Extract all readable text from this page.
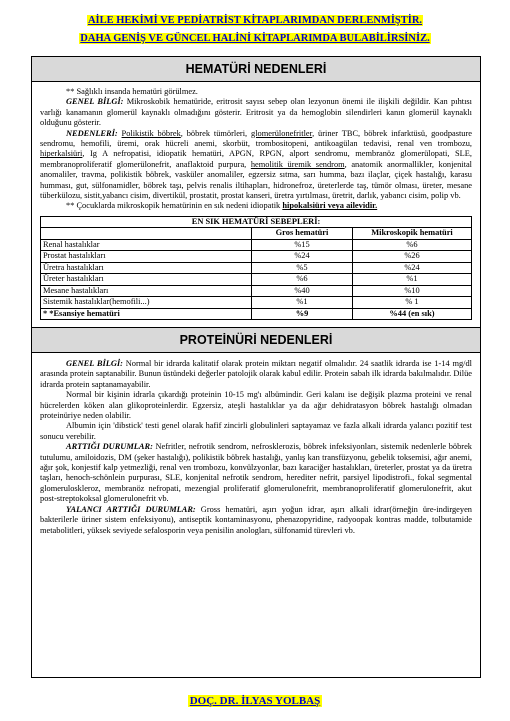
AİLE HEKİMİ VE PEDİATRİST KİTAPLARIMDAN DERLENMİŞTİR.
DAHA GENİŞ VE GÜNCEL HALİNİ KİTAPLARIMDA BULABİLİRSİNİZ.
HEMATÜRİ NEDENLERİ

** Sağlıklı insanda hematüri görülmez.

GENEL BİLGİ: Mikroskobik hematüride, eritrosit sayısı sebep olan lezyonun önemi ile ilişkili değildir. Kan pıhtısı varlığı kanamanın glomerül kaynaklı olmadığını gösterir. Eritrosit ya da hemoglobin silendirleri kanın glomerül kaynaklı olduğunu gösterir.

NEDENLERİ: Polikistik böbrek, böbrek tümörleri, glomerülonefritler, üriner TBC, böbrek infarktüsü, goodpasture sendromu, hemofili, üremi, orak hücreli anemi, skorbüt, trombositopeni, antikoagülan tedavisi, renal ven trombozu, hiperkalsiüri, Ig A nefropatisi, idiopatik hematüri, APGN, RPGN, alport sendromu, membranöz glomerülopati, SLE, membranoproliferatif glomerülonefrit, anaflaktoid purpura, hemolitik üremik sendrom, anatomik anormallikler, konjenital anomaliler, travma, polikistik böbrek, vasküler anomaliler, egzersiz sıtma, sarı humma, bazı ilaçlar, çiçek hastalığı, karasu humması, gut, sülfonamidler, böbrek taşı, pelvis renalis iltihapları, hidronefroz, üreterlerde taş, tümör olması, üreter, mesane tüberkülozu, sistit,yabancı cisim, divertikül, prostatit, prostat kanseri, üretra yırtılması, üretrit, darlık, yabancı cisim, polip vb.

** Çocuklarda mikroskopik hematürinin en sık nedeni idiopatik hipokalsiüri veya ailevidir.

EN SIK HEMATÜRİ SEBEPLERİ:		
	Gros hematüri	Mikroskopik hematüri
Renal hastalıklar	%15	%6
Prostat hastalıkları	%24	%26
Üretra hastalıkları	%5	%24
Üreter hastalıkları	%6	%1
Mesane hastalıkları	%40	%10
Sistemik hastalıklar(hemofili...)	%1	% 1
* *Esansiye hematüri	%9	%44 (en sık)
PROTEİNÜRİ NEDENLERİ

GENEL BİLGİ: Normal bir idrarda kalitatif olarak protein miktarı negatif olmalıdır. 24 saatlik idrarda ise 1-14 mg/dl arasında protein saptanabilir. Bunun üstündeki değerler patolojik olarak kabul edilir. Protein sabah ilk idrarda bakılmalıdır. Dilüe idrarda protein saptanamayabilir.

Normal bir kişinin idrarla çıkardığı proteinin 10-15 mg'ı albümindir. Geri kalanı ise değişik plazma proteini ve renal hücrelerden köken alan glikoproteinlerdir. Egzersiz, ateşli hastalıklar ya da ağır dehidratasyon böbrek hastalığı olmadan proteinüriye neden olabilir.

Albumin için 'dibstick' testi genel olarak hafif zincirli globulinleri saptayamaz ve fazla alkali idrarda yalancı pozitif test sonucu verebilir.

ARTTIĞI DURUMLAR: Nefritler, nefrotik sendrom, nefrosklerozis, böbrek infeksiyonları, sistemik nedenlerle böbrek tutulumu, amiloidozis, DM (şeker hastalığı), polikistik böbrek hastalığı, yanlış kan transfüzyonu, gebelik toksemisi, ağır anemi, ağır şok, konjestif kalp yetmezliği, renal ven trombozu, konvülzyonlar, bazı karaciğer hastalıkları, üreterler, prostat ya da üretra taşları, henoch-schönlein purpurası, SLE, konjenital nefrotik sendrom, herediter nefrit, parsiyel lipodistrofi., fokal segmental glomerulosklerоz, membranöz nefropati, mezengial proliferatif glomerulonefrit, membranoproliferatif glomerulonefrit, akut post-streptokoksal glomerulonefrit vb.

YALANCI ARTTIĞI DURUMLAR: Gross hematüri, aşırı yoğun idrar, aşırı alkali idrar(örneğin üre-indirgeyen bakterilerle üriner sistem enfeksiyonu), antiseptik kontaminasyonu, phenazopyridine, radyoopak kontras madde, tolbutamide metabolitleri, yüksek seviyede sefalosporin veya penisilin anologları, sülfonamid türevleri vb.

DOÇ. DR. İLYAS YOLBAŞ
